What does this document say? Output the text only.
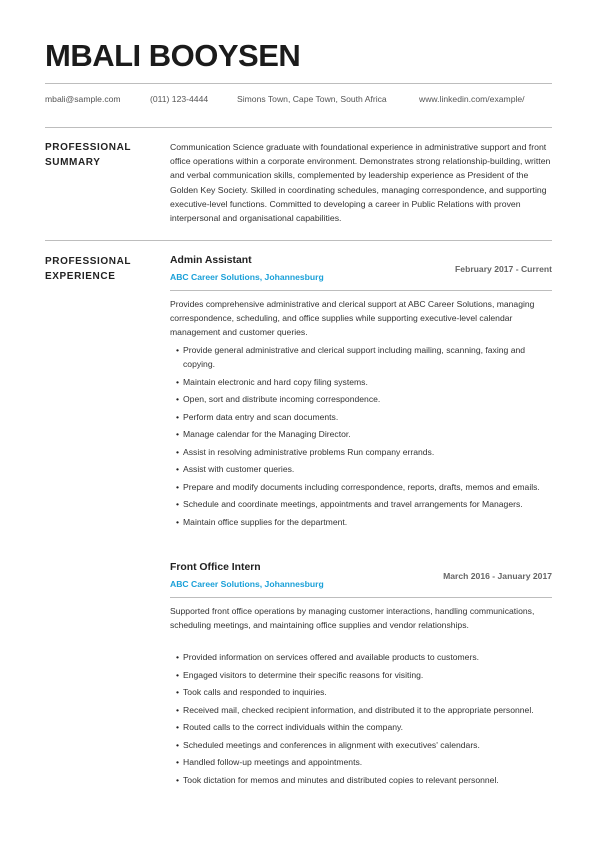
MBALI BOOYSEN
mbali@sample.com	(011) 123-4444	Simons Town, Cape Town, South Africa	www.linkedin.com/example/
PROFESSIONAL
SUMMARY
Communication Science graduate with foundational experience in administrative support and front office operations within a corporate environment. Demonstrates strong relationship-building, written and verbal communication skills, complemented by leadership experience as President of the Golden Key Society. Skilled in coordinating schedules, managing correspondence, and supporting executive-level functions. Committed to developing a career in Public Relations with proven interpersonal and organisational capabilities.
PROFESSIONAL
EXPERIENCE
Admin Assistant
ABC Career Solutions, Johannesburg
February 2017 - Current
Provides comprehensive administrative and clerical support at ABC Career Solutions, managing correspondence, scheduling, and office supplies while supporting executive-level calendar management and customer queries.
• Provide general administrative and clerical support including mailing, scanning, faxing and copying.
• Maintain electronic and hard copy filing systems.
• Open, sort and distribute incoming correspondence.
• Perform data entry and scan documents.
• Manage calendar for the Managing Director.
• Assist in resolving administrative problems Run company errands.
• Assist with customer queries.
• Prepare and modify documents including correspondence, reports, drafts, memos and emails.
• Schedule and coordinate meetings, appointments and travel arrangements for Managers.
• Maintain office supplies for the department.
Front Office Intern
ABC Career Solutions, Johannesburg
March 2016 - January 2017
Supported front office operations by managing customer interactions, handling communications, scheduling meetings, and maintaining office supplies and vendor relationships.
• Provided information on services offered and available products to customers.
• Engaged visitors to determine their specific reasons for visiting.
• Took calls and responded to inquiries.
• Received mail, checked recipient information, and distributed it to the appropriate personnel.
• Routed calls to the correct individuals within the company.
• Scheduled meetings and conferences in alignment with executives' calendars.
• Handled follow-up meetings and appointments.
• Took dictation for memos and minutes and distributed copies to relevant personnel.
